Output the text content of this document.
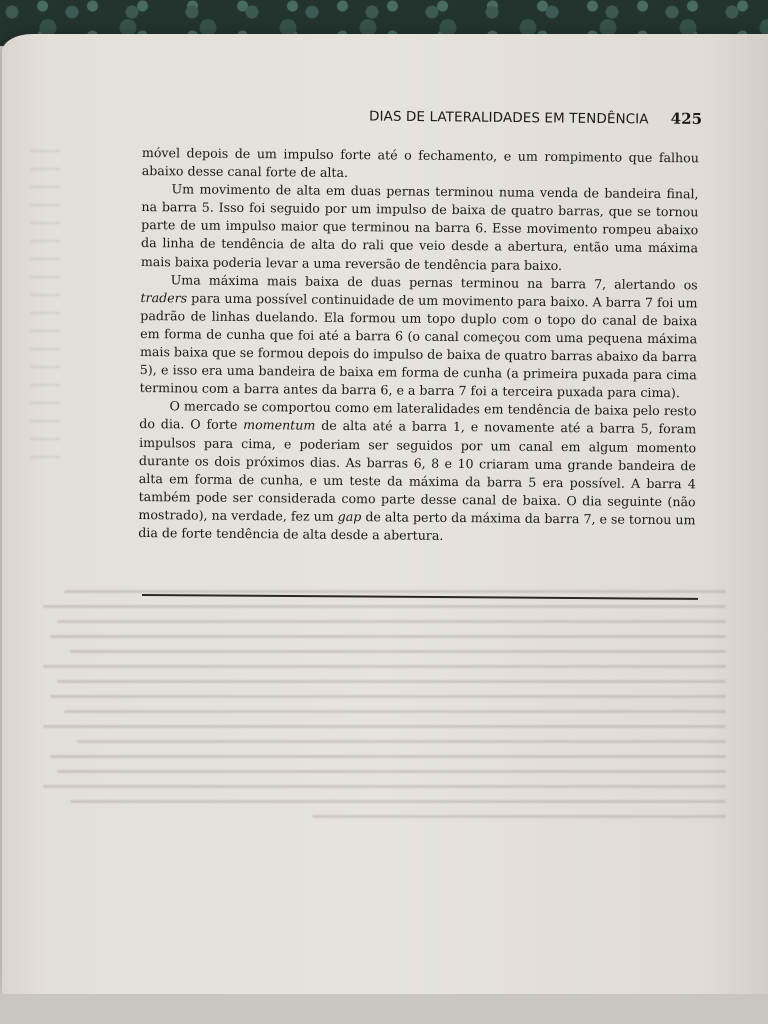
DIAS DE LATERALIDADES EM TENDÊNCIA 425

móvel depois de um impulso forte até o fechamento, e um rompimento que falhou abaixo desse canal forte de alta.

Um movimento de alta em duas pernas terminou numa venda de bandeira final, na barra 5. Isso foi seguido por um impulso de baixa de quatro barras, que se tornou parte de um impulso maior que terminou na barra 6. Esse movimento rompeu abaixo da linha de tendência de alta do rali que veio desde a abertura, então uma máxima mais baixa poderia levar a uma reversão de tendência para baixo.

Uma máxima mais baixa de duas pernas terminou na barra 7, alertando os traders para uma possível continuidade de um movimento para baixo. A barra 7 foi um padrão de linhas duelando. Ela formou um topo duplo com o topo do canal de baixa em forma de cunha que foi até a barra 6 (o canal começou com uma pequena máxima mais baixa que se formou depois do impulso de baixa de quatro barras abaixo da barra 5), e isso era uma bandeira de baixa em forma de cunha (a primeira puxada para cima terminou com a barra antes da barra 6, e a barra 7 foi a terceira puxada para cima).

O mercado se comportou como em lateralidades em tendência de baixa pelo resto do dia. O forte momentum de alta até a barra 1, e novamente até a barra 5, foram impulsos para cima, e poderiam ser seguidos por um canal em algum momento durante os dois próximos dias. As barras 6, 8 e 10 criaram uma grande bandeira de alta em forma de cunha, e um teste da máxima da barra 5 era possível. A barra 4 também pode ser considerada como parte desse canal de baixa. O dia seguinte (não mostrado), na verdade, fez um gap de alta perto da máxima da barra 7, e se tornou um dia de forte tendência de alta desde a abertura.
